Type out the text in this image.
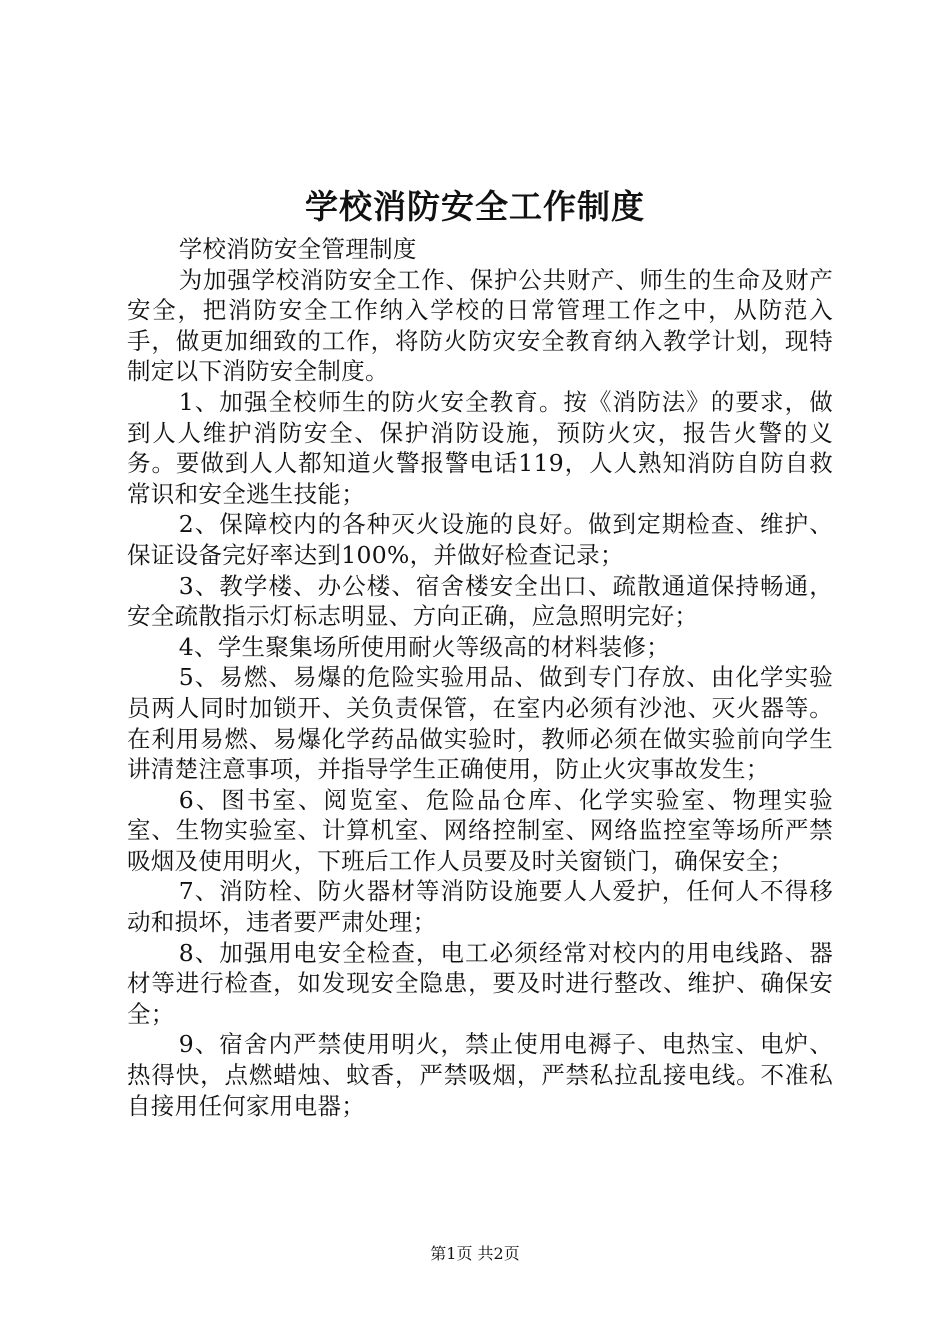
学校消防安全工作制度

学校消防安全管理制度

为加强学校消防安全工作、保护公共财产、师生的生命及财产安全，把消防安全工作纳入学校的日常管理工作之中，从防范入手，做更加细致的工作，将防火防灾安全教育纳入教学计划，现特制定以下消防安全制度。

1、加强全校师生的防火安全教育。按《消防法》的要求，做到人人维护消防安全、保护消防设施，预防火灾，报告火警的义务。要做到人人都知道火警报警电话119，人人熟知消防自防自救常识和安全逃生技能；

2、保障校内的各种灭火设施的良好。做到定期检查、维护、保证设备完好率达到100%，并做好检查记录；

3、教学楼、办公楼、宿舍楼安全出口、疏散通道保持畅通，安全疏散指示灯标志明显、方向正确，应急照明完好；

4、学生聚集场所使用耐火等级高的材料装修；

5、易燃、易爆的危险实验用品、做到专门存放、由化学实验员两人同时加锁开、关负责保管，在室内必须有沙池、灭火器等。在利用易燃、易爆化学药品做实验时，教师必须在做实验前向学生讲清楚注意事项，并指导学生正确使用，防止火灾事故发生；

6、图书室、阅览室、危险品仓库、化学实验室、物理实验室、生物实验室、计算机室、网络控制室、网络监控室等场所严禁吸烟及使用明火，下班后工作人员要及时关窗锁门，确保安全；

7、消防栓、防火器材等消防设施要人人爱护，任何人不得移动和损坏，违者要严肃处理；

8、加强用电安全检查，电工必须经常对校内的用电线路、器材等进行检查，如发现安全隐患，要及时进行整改、维护、确保安全；

9、宿舍内严禁使用明火，禁止使用电褥子、电热宝、电炉、热得快，点燃蜡烛、蚊香，严禁吸烟，严禁私拉乱接电线。不准私自接用任何家用电器；

第1页 共2页
